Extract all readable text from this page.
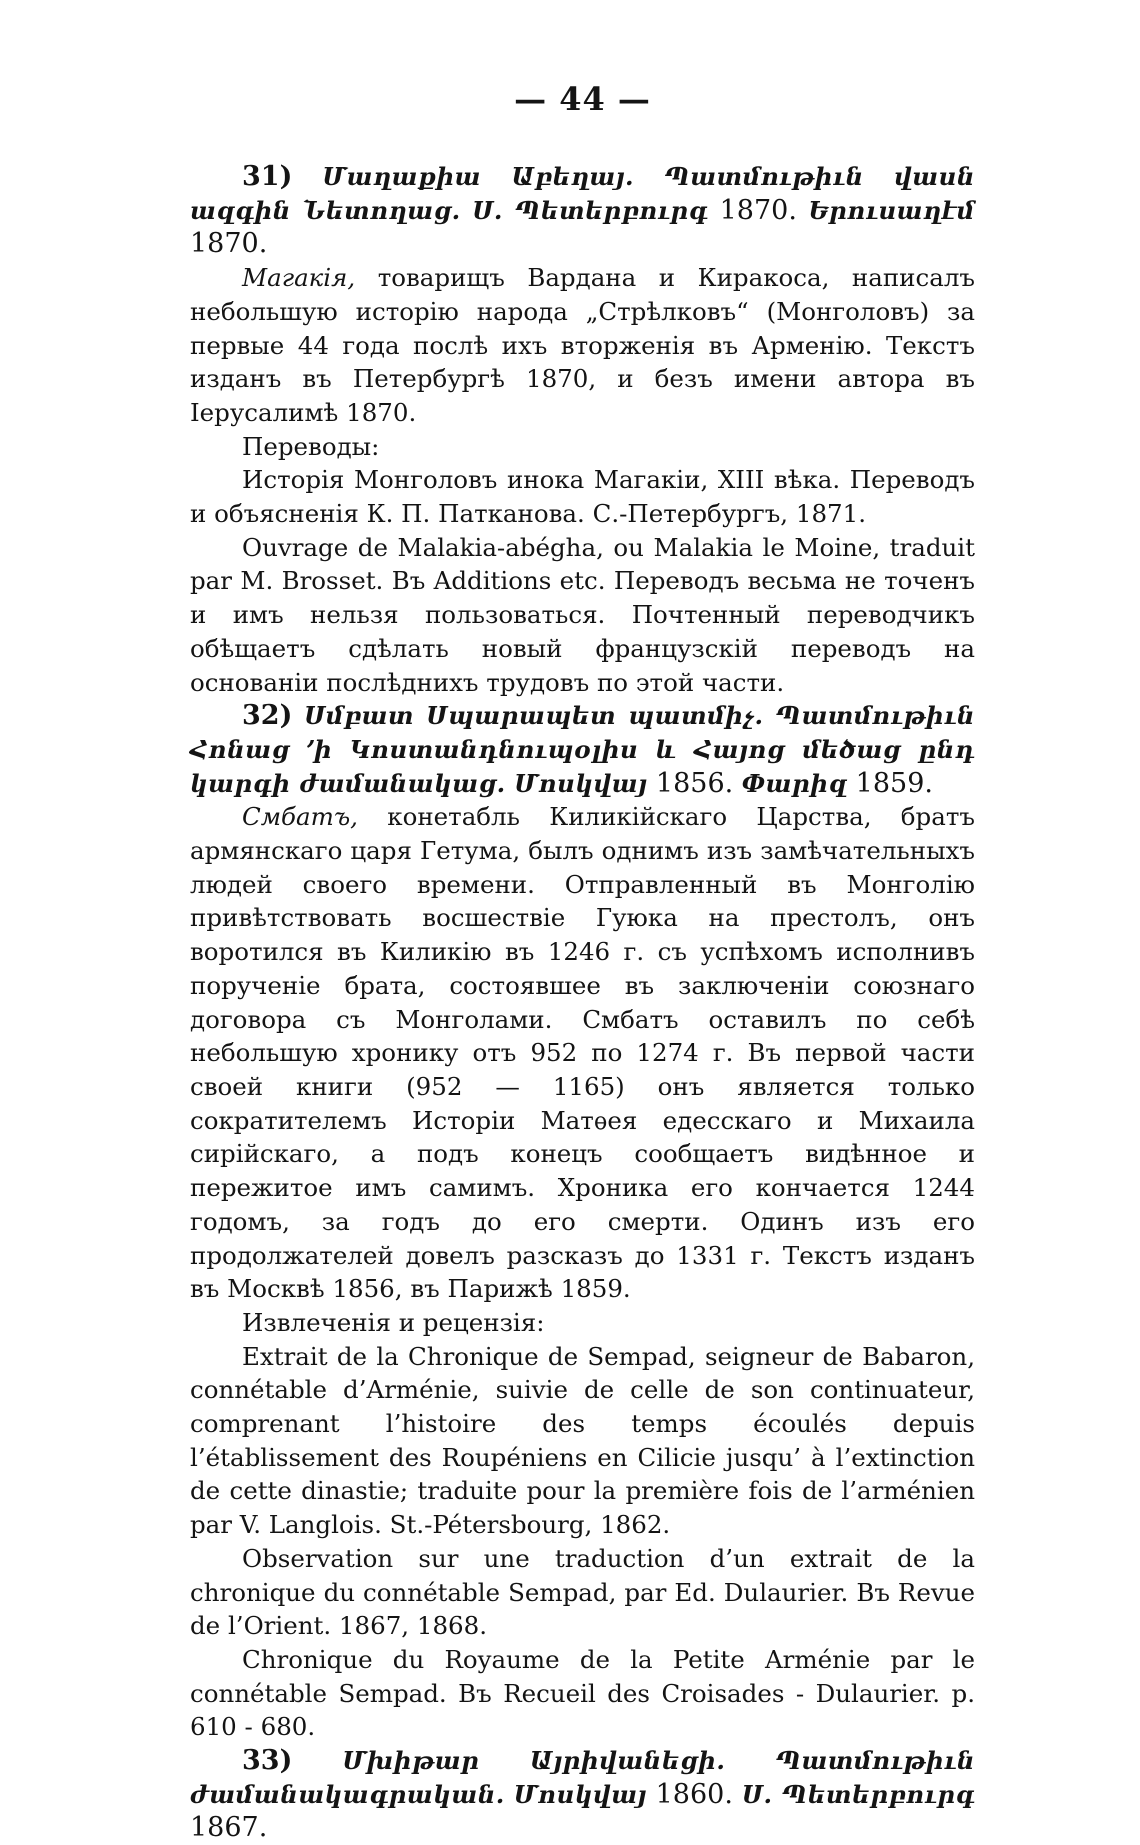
— 44 —

31) Մաղաքիա Աբեղայ. Պատմութիւն վասն ազգին Նետողաց. Ս. Պետերբուրգ 1870. Երուսաղէմ 1870.

Магакія, товарищъ Вардана и Киракоса, написалъ небольшую исторію народа „Стрѣлковъ“ (Монголовъ) за первые 44 года послѣ ихъ вторженія въ Арменію. Текстъ изданъ въ Петербургѣ 1870, и безъ имени автора въ Іерусалимѣ 1870.

Переводы:

Исторія Монголовъ инока Магакіи, XIII вѣка. Переводъ и объясненія К. П. Патканова. С.-Петербургъ, 1871.

Ouvrage de Malakia-abégha, ou Malakia le Moine, traduit par M. Brosset. Въ Additions etc. Переводъ весьма не точенъ и имъ нельзя пользоваться. Почтенный переводчикъ обѣщаетъ сдѣлать новый французскій переводъ на основаніи послѣднихъ трудовъ по этой части.

32) Սմբատ Սպարապետ պատմիչ. Պատմութիւն Հոնաց ՚ի Կոստանդնուպօլիս և Հայոց մեծաց ընդ կարգի ժամանակաց. Մոսկվայ 1856. Փարիզ 1859.

Смбатъ, конетабль Киликійскаго Царства, братъ армянскаго царя Гетума, былъ однимъ изъ замѣчательныхъ людей своего времени. Отправленный въ Монголію привѣтствовать восшествіе Гуюка на престолъ, онъ воротился въ Киликію въ 1246 г. съ успѣхомъ исполнивъ порученіе брата, состоявшее въ заключеніи союзнаго договора съ Монголами. Смбатъ оставилъ по себѣ небольшую хронику отъ 952 по 1274 г. Въ первой части своей книги (952 — 1165) онъ является только сократителемъ Исторіи Матѳея едесскаго и Михаила сирійскаго, а подъ конецъ сообщаетъ видѣнное и пережитое имъ самимъ. Хроника его кончается 1244 годомъ, за годъ до его смерти. Одинъ изъ его продолжателей довелъ разсказъ до 1331 г. Текстъ изданъ въ Москвѣ 1856, въ Парижѣ 1859.

Извлеченія и рецензія:

Extrait de la Chronique de Sempad, seigneur de Babaron, connétable d’Arménie, suivie de celle de son continuateur, comprenant l’histoire des temps écoulés depuis l’établissement des Roupéniens en Cilicie jusqu’ à l’extinction de cette dinastie; traduite pour la première fois de l’arménien par V. Langlois. St.-Pétersbourg, 1862.

Observation sur une traduction d’un extrait de la chronique du connétable Sempad, par Ed. Dulaurier. Въ Revue de l’Orient. 1867, 1868.

Chronique du Royaume de la Petite Arménie par le connétable Sempad. Въ Recueil des Croisades - Dulaurier. p. 610 - 680.

33) Մխիթար Այրիվանեցի. Պատմութիւն ժամանակագրական. Մոսկվայ 1860. Ս. Պետերբուրգ 1867.
